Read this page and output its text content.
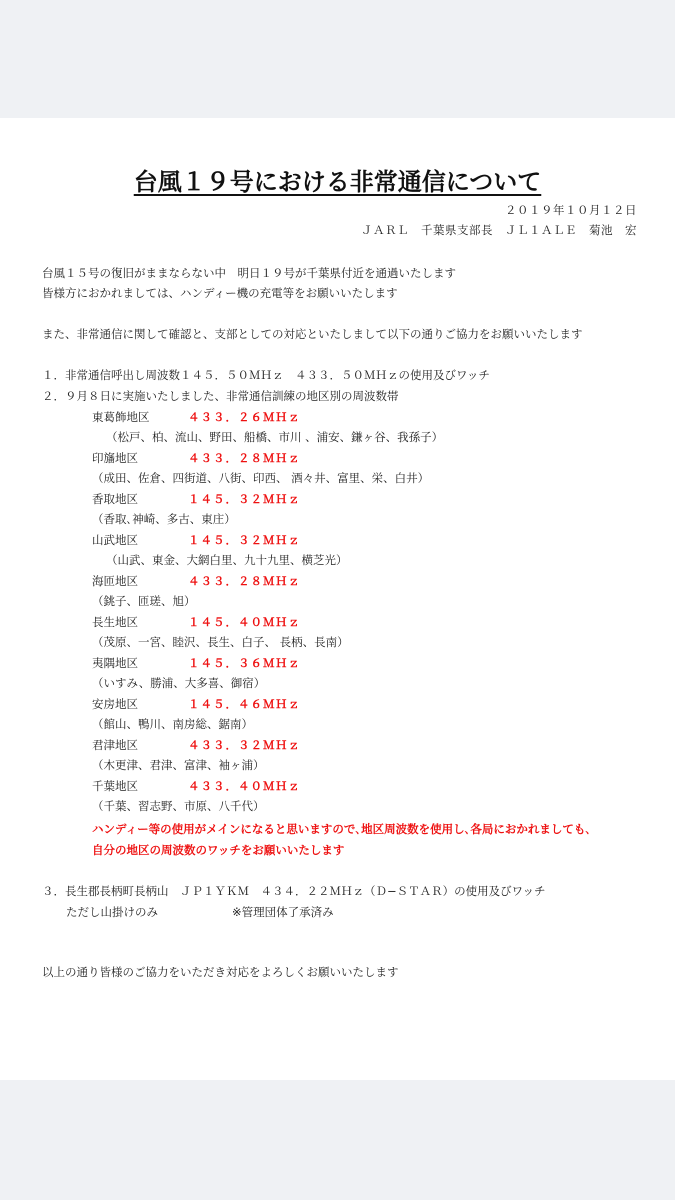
台風１９号における非常通信について
２０１９年１０月１２日
ＪＡＲＬ　千葉県支部長　ＪＬ１ＡＬＥ　菊池　宏
台風１５号の復旧がままならない中　明日１９号が千葉県付近を通過いたします
皆様方におかれましては、ハンディー機の充電等をお願いいたします
また、非常通信に関して確認と、支部としての対応といたしまして以下の通りご協力をお願いいたします
１．非常通信呼出し周波数１４５．５０ＭＨｚ　４３３．５０ＭＨｚの使用及びワッチ
２．９月８日に実施いたしました、非常通信訓練の地区別の周波数帯
東葛飾地区	４３３．２６ＭＨｚ
（松戸、柏、流山、野田、船橋、市川 、浦安、鎌ヶ谷、我孫子）
印旛地区	４３３．２８ＭＨｚ
（成田、佐倉、四街道、八街、印西、 酒々井、富里、栄、白井）
香取地区	１４５．３２ＭＨｚ
（香取､神崎、多古、東庄）
山武地区	１４５．３２ＭＨｚ
（山武、東金、大網白里、九十九里、横芝光）
海匝地区	４３３．２８ＭＨｚ
（銚子、匝瑳、旭）
長生地区	１４５．４０ＭＨｚ
（茂原、一宮、睦沢、長生、白子、 長柄、長南）
夷隅地区	１４５．３６ＭＨｚ
（いすみ、勝浦、大多喜、御宿）
安房地区	１４５．４６ＭＨｚ
（館山、鴨川、南房総、鋸南）
君津地区	４３３．３２ＭＨｚ
（木更津、君津、富津、袖ヶ浦）
千葉地区	４３３．４０ＭＨｚ
（千葉、習志野、市原、八千代）
ハンディー等の使用がメインになると思いますので､地区周波数を使用し､各局におかれましても､
自分の地区の周波数のワッチをお願いいたします
３．長生郡長柄町長柄山　ＪＰ１ＹＫＭ　４３４．２２ＭＨｚ（Ｄ−ＳＴＡＲ）の使用及びワッチ
ただし山掛けのみ	※管理団体了承済み
以上の通り皆様のご協力をいただき対応をよろしくお願いいたします
